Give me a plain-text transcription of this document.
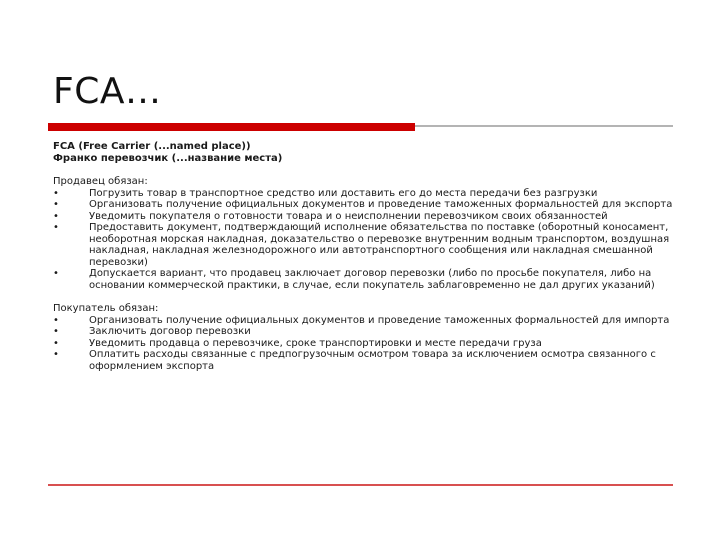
FCA…

FCA (Free Carrier (...named place))

Франко перевозчик (...название места)

Продавец обязан:

•	Погрузить товар в транспортное средство или доставить его до места передачи без разгрузки
•	Организовать получение официальных документов и проведение таможенных формальностей для экспорта
•	Уведомить покупателя о готовности товара и о неисполнении перевозчиком своих обязанностей
•	Предоставить документ, подтверждающий исполнение обязательства по поставке (оборотный коносамент, необоротная морская накладная, доказательство о перевозке внутренним водным транспортом, воздушная накладная, накладная железнодорожного или автотранспортного сообщения или накладная смешанной перевозки)
•	Допускается вариант, что продавец заключает договор перевозки (либо по просьбе покупателя, либо на основании коммерческой практики, в случае, если покупатель заблаговременно не дал других указаний)

Покупатель обязан:

•	Организовать получение официальных документов и проведение таможенных формальностей для импорта
•	Заключить договор перевозки
•	Уведомить продавца о перевозчике, сроке транспортировки и месте передачи груза
•	Оплатить расходы связанные с предпогрузочным осмотром товара за исключением осмотра связанного с оформлением экспорта
